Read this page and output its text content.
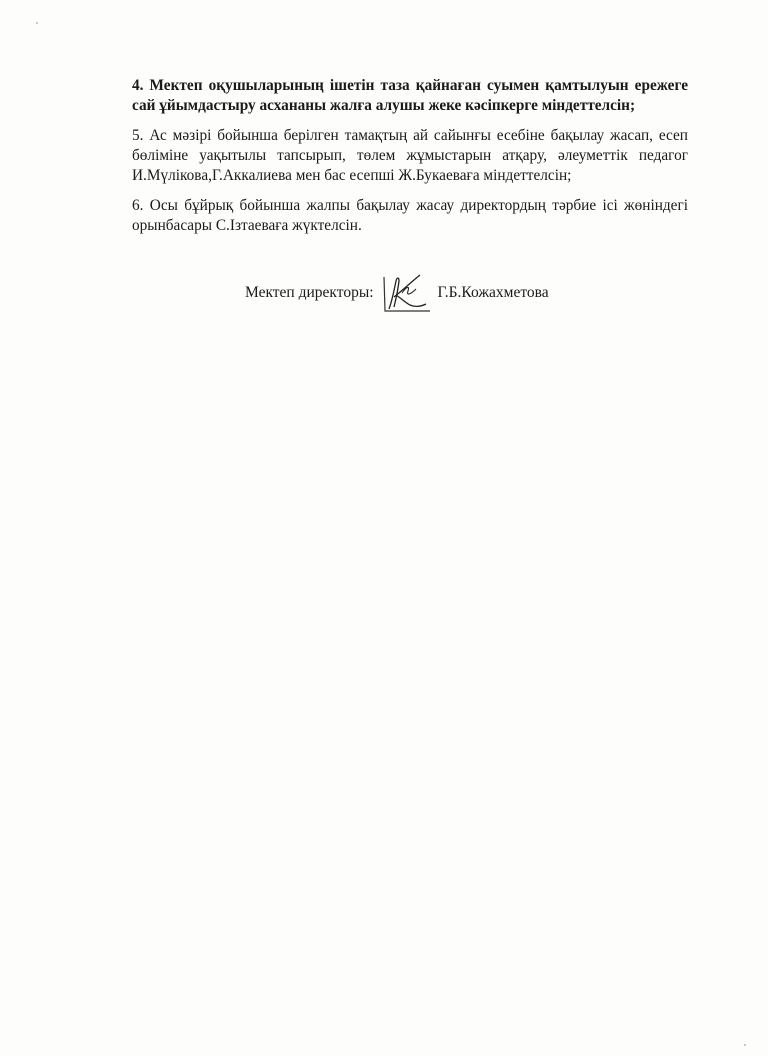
4. Мектеп оқушыларының ішетін таза қайнаған суымен қамтылуын ережеге сай ұйымдастыру асхананы жалға алушы жеке кәсіпкерге міндеттелсін;

5. Ас мәзірі бойынша берілген тамақтың ай сайынғы есебіне бақылау жасап, есеп бөліміне уақытылы тапсырып, төлем жұмыстарын атқару, әлеуметтік педагог И.Мүлікова,Г.Аккалиева мен бас есепші Ж.Букаеваға міндеттелсін;

6. Осы бұйрық бойынша жалпы бақылау жасау директордың тәрбие ісі жөніндегі орынбасары С.Ізтаеваға жүктелсін.

Мектеп директоры:	Г.Б.Кожахметова
